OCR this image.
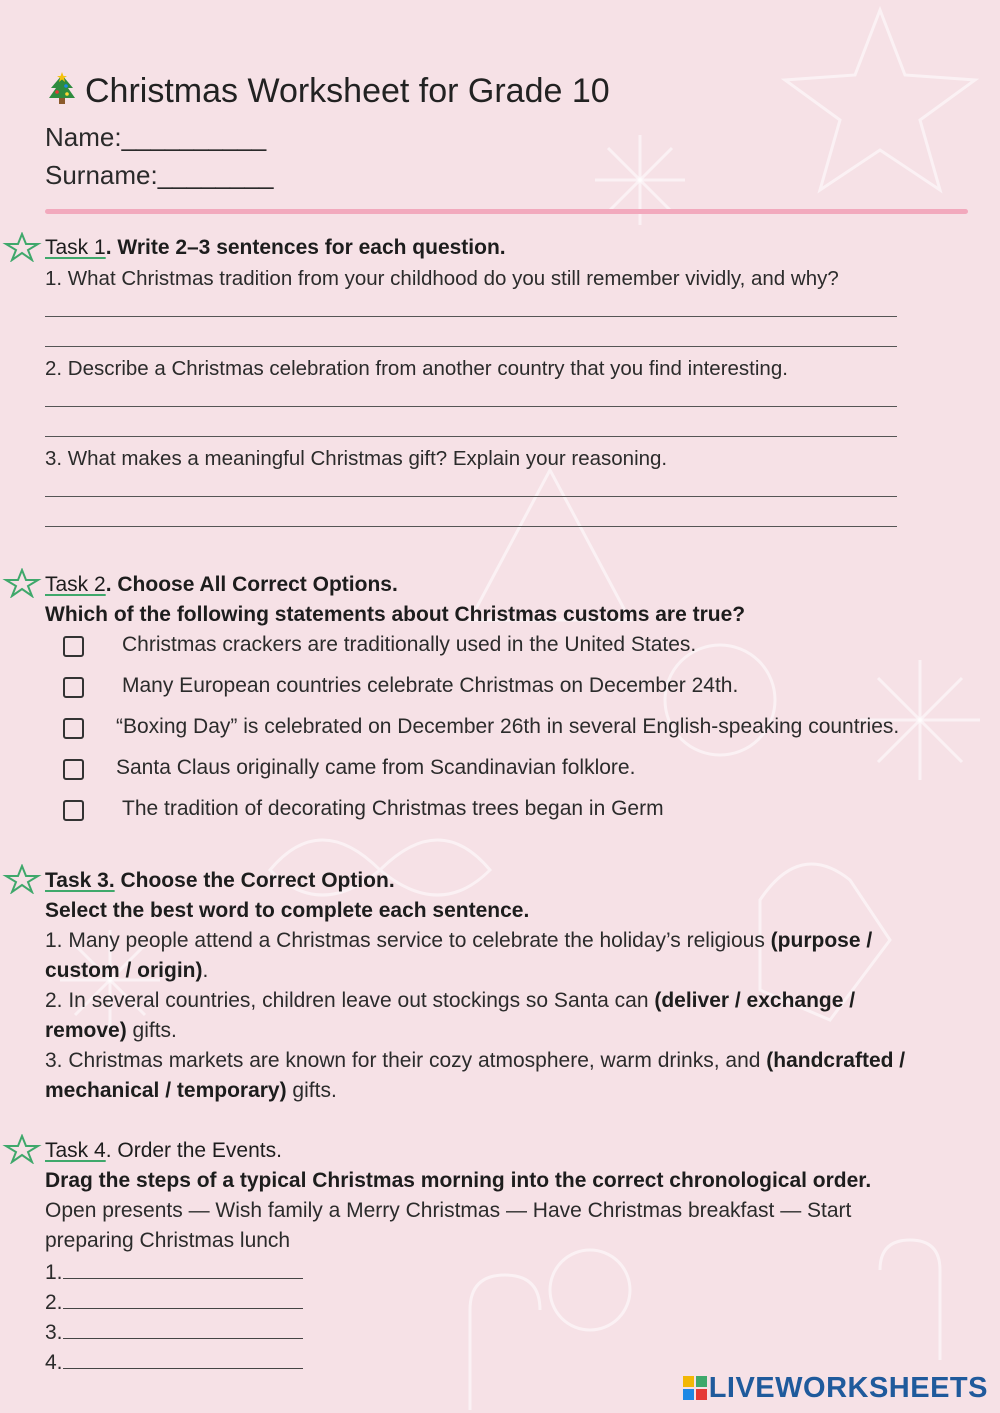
Christmas Worksheet for Grade 10
Name:__________
Surname:________
Task 1. Write 2–3 sentences for each question.
1. What Christmas tradition from your childhood do you still remember vividly, and why?
2. Describe a Christmas celebration from another country that you find interesting.
3. What makes a meaningful Christmas gift? Explain your reasoning.
Task 2. Choose All Correct Options.
Which of the following statements about Christmas customs are true?
Christmas crackers are traditionally used in the United States.
Many European countries celebrate Christmas on December 24th.
“Boxing Day” is celebrated on December 26th in several English-speaking countries.
Santa Claus originally came from Scandinavian folklore.
The tradition of decorating Christmas trees began in Germ
Task 3. Choose the Correct Option.
Select the best word to complete each sentence.
1. Many people attend a Christmas service to celebrate the holiday’s religious (purpose /
custom / origin).
2. In several countries, children leave out stockings so Santa can (deliver / exchange /
remove) gifts.
3. Christmas markets are known for their cozy atmosphere, warm drinks, and (handcrafted /
mechanical / temporary) gifts.
Task 4. Order the Events.
Drag the steps of a typical Christmas morning into the correct chronological order.
Open presents — Wish family a Merry Christmas — Have Christmas breakfast — Start
preparing Christmas lunch
1.
2.
3.
4.
LIVEWORKSHEETS
